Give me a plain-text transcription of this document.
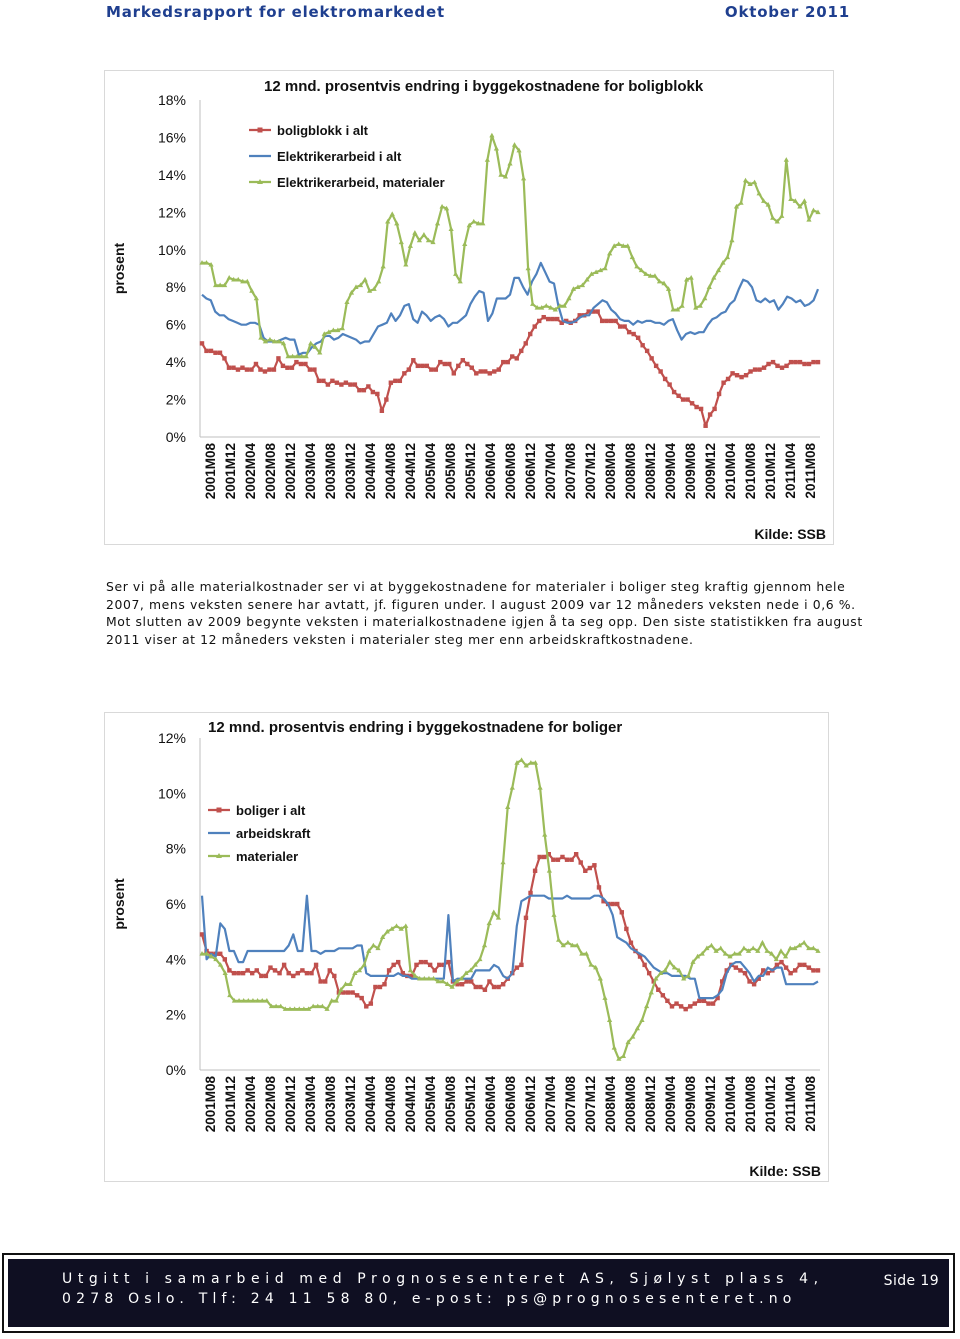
Markedsrapport for elektromarkedet	Oktober 2011
12 mnd. prosentvis endring i byggekostnadene for boligblokk
prosent
0%
2%
4%
6%
8%
10%
12%
14%
16%
18%
2001M08 2001M12 2002M04 2002M08 2002M12 2003M04 2003M08 2003M12 2004M04 2004M08 2004M12 2005M04 2005M08 2005M12 2006M04 2006M08 2006M12 2007M04 2007M08 2007M12 2008M04 2008M08 2008M12 2009M04 2009M08 2009M12 2010M04 2010M08 2010M12 2011M04 2011M08
Kilde: SSB
boligblokk i alt
Elektrikerarbeid i alt
Elektrikerarbeid, materialer
Ser vi på alle materialkostnader ser vi at byggekostnadene for materialer i boliger steg kraftig gjennom hele 2007, mens veksten senere har avtatt, jf. figuren under. I august 2009 var 12 måneders veksten nede i 0,6 %. Mot slutten av 2009 begynte veksten i materialkostnadene igjen å ta seg opp. Den siste statistikken fra august 2011 viser at 12 måneders veksten i materialer steg mer enn arbeidskraftkostnadene.
12 mnd. prosentvis endring i byggekostnadene for boliger
prosent
0%
2%
4%
6%
8%
10%
12%
2001M08 2001M12 2002M04 2002M08 2002M12 2003M04 2003M08 2003M12 2004M04 2004M08 2004M12 2005M04 2005M08 2005M12 2006M04 2006M08 2006M12 2007M04 2007M08 2007M12 2008M04 2008M08 2008M12 2009M04 2009M08 2009M12 2010M04 2010M08 2010M12 2011M04 2011M08
Kilde: SSB
boliger i alt
arbeidskraft
materialer
Utgitt i samarbeid med Prognosesenteret AS, Sjølyst plass 4,
0278 Oslo. Tlf: 24 11 58 80, e-post: ps@prognosesenteret.no
Side 19
